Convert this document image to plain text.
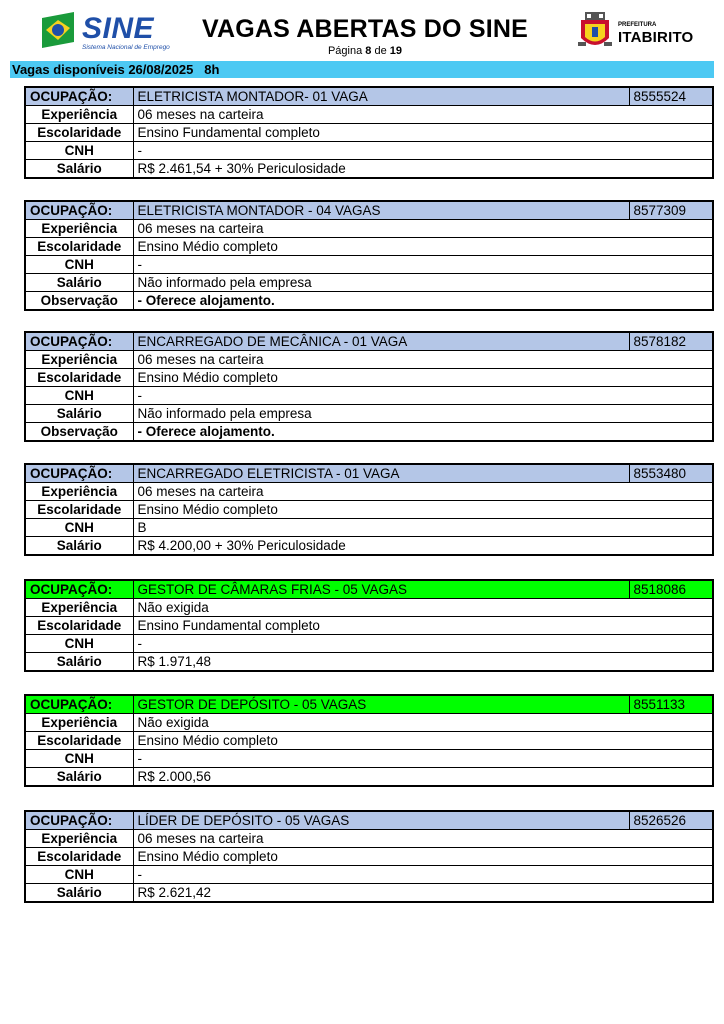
SINE
Sistema Nacional de Emprego
VAGAS ABERTAS DO SINE
Página 8 de 19
PREFEITURA
ITABIRITO
Vagas disponíveis 26/08/2025   8h
OCUPAÇÃO:	ELETRICISTA MONTADOR- 01 VAGA	8555524
Experiência	06 meses na carteira	
Escolaridade	Ensino Fundamental completo	
CNH	-	
Salário	R$ 2.461,54 + 30% Periculosidade	
OCUPAÇÃO:	ELETRICISTA MONTADOR - 04 VAGAS	8577309
Experiência	06 meses na carteira	
Escolaridade	Ensino Médio completo	
CNH	-	
Salário	Não informado pela empresa	
Observação	- Oferece alojamento.	
OCUPAÇÃO:	ENCARREGADO DE MECÂNICA - 01 VAGA	8578182
Experiência	06 meses na carteira	
Escolaridade	Ensino Médio completo	
CNH	-	
Salário	Não informado pela empresa	
Observação	- Oferece alojamento.	
OCUPAÇÃO:	ENCARREGADO ELETRICISTA - 01 VAGA	8553480
Experiência	06 meses na carteira	
Escolaridade	Ensino Médio completo	
CNH	B	
Salário	R$ 4.200,00 + 30% Periculosidade	
OCUPAÇÃO:	GESTOR DE CÂMARAS FRIAS - 05 VAGAS	8518086
Experiência	Não exigida	
Escolaridade	Ensino Fundamental completo	
CNH	-	
Salário	R$ 1.971,48	
OCUPAÇÃO:	GESTOR DE DEPÓSITO - 05 VAGAS	8551133
Experiência	Não exigida	
Escolaridade	Ensino Médio completo	
CNH	-	
Salário	R$ 2.000,56	
OCUPAÇÃO:	LÍDER DE DEPÓSITO - 05 VAGAS	8526526
Experiência	06 meses na carteira	
Escolaridade	Ensino Médio completo	
CNH	-	
Salário	R$ 2.621,42	
